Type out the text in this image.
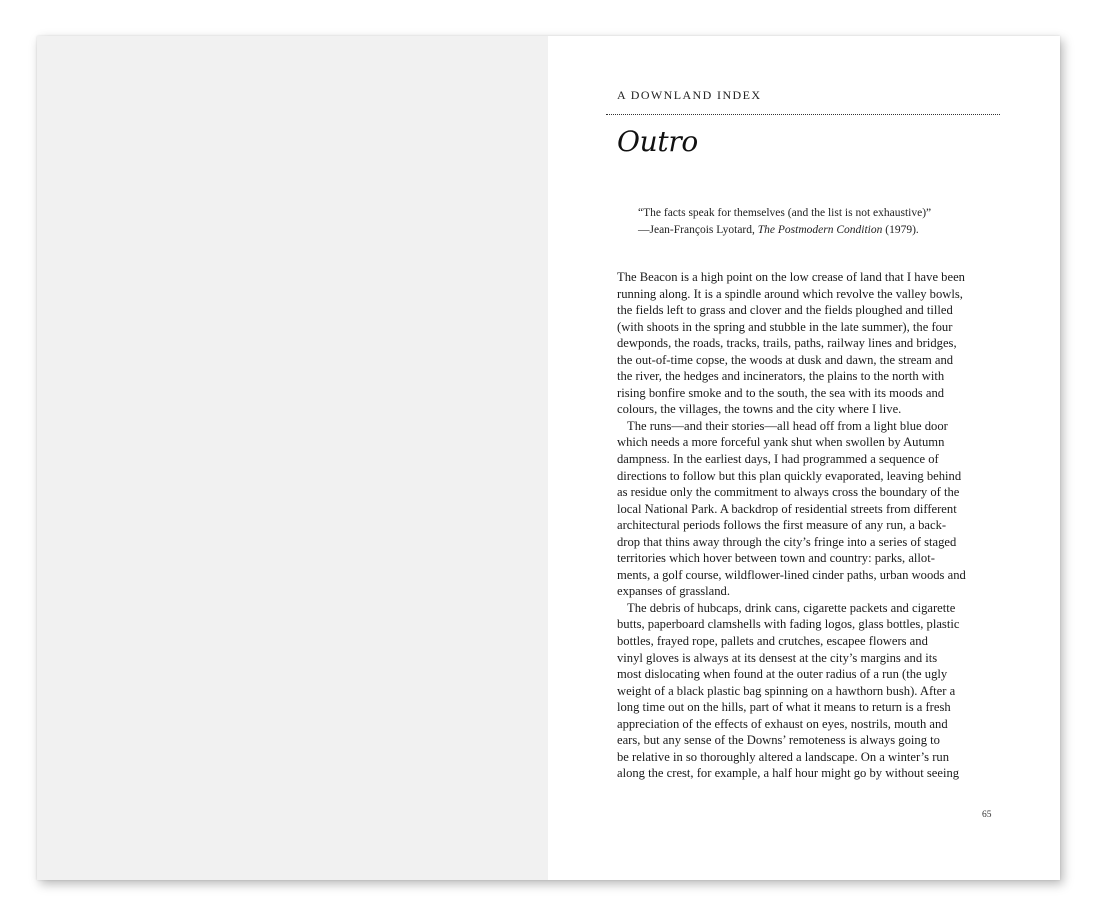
A DOWNLAND INDEX
Outro
“The facts speak for themselves (and the list is not exhaustive)”
—Jean-François Lyotard, The Postmodern Condition (1979).
The Beacon is a high point on the low crease of land that I have been
running along. It is a spindle around which revolve the valley bowls,
the fields left to grass and clover and the fields ploughed and tilled
(with shoots in the spring and stubble in the late summer), the four
dewponds, the roads, tracks, trails, paths, railway lines and bridges,
the out-of-time copse, the woods at dusk and dawn, the stream and
the river, the hedges and incinerators, the plains to the north with
rising bonfire smoke and to the south, the sea with its moods and
colours, the villages, the towns and the city where I live.
The runs—and their stories—all head off from a light blue door
which needs a more forceful yank shut when swollen by Autumn
dampness. In the earliest days, I had programmed a sequence of
directions to follow but this plan quickly evaporated, leaving behind
as residue only the commitment to always cross the boundary of the
local National Park. A backdrop of residential streets from different
architectural periods follows the first measure of any run, a back-
drop that thins away through the city’s fringe into a series of staged
territories which hover between town and country: parks, allot-
ments, a golf course, wildflower-lined cinder paths, urban woods and
expanses of grassland.
The debris of hubcaps, drink cans, cigarette packets and cigarette
butts, paperboard clamshells with fading logos, glass bottles, plastic
bottles, frayed rope, pallets and crutches, escapee flowers and
vinyl gloves is always at its densest at the city’s margins and its
most dislocating when found at the outer radius of a run (the ugly
weight of a black plastic bag spinning on a hawthorn bush). After a
long time out on the hills, part of what it means to return is a fresh
appreciation of the effects of exhaust on eyes, nostrils, mouth and
ears, but any sense of the Downs’ remoteness is always going to
be relative in so thoroughly altered a landscape. On a winter’s run
along the crest, for example, a half hour might go by without seeing
65
